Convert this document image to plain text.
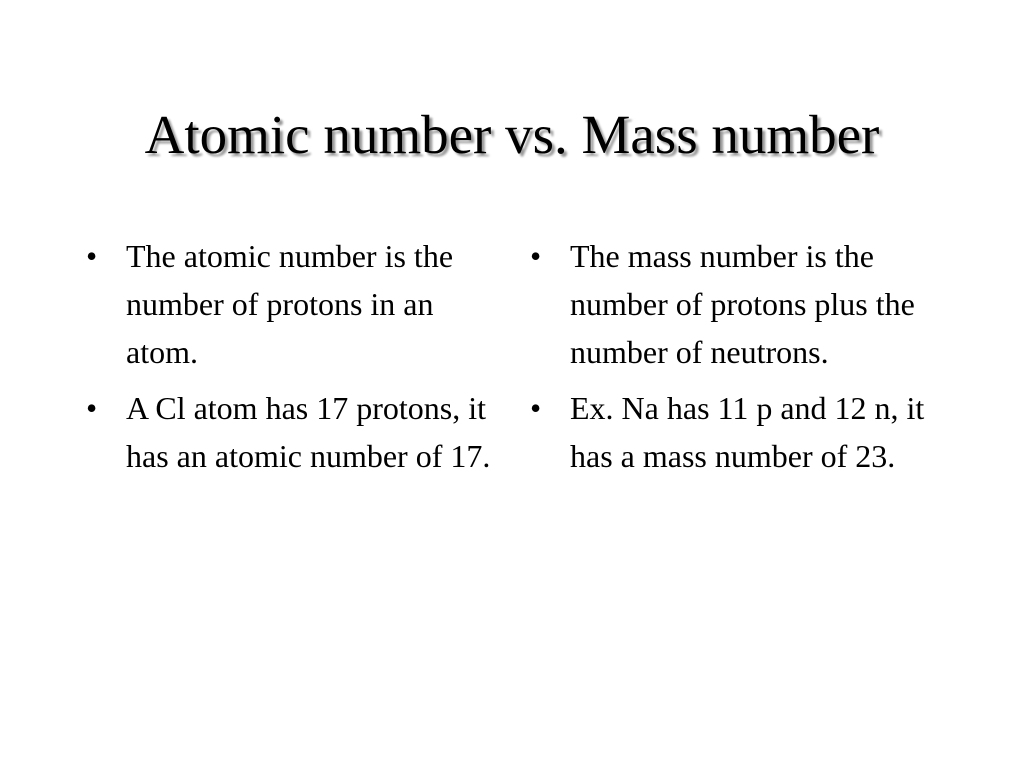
Atomic number vs. Mass number
• The atomic number is the number of protons in an atom.
• A Cl atom has 17 protons, it has an atomic number of 17.
• The mass number is the number of protons plus the number of neutrons.
• Ex. Na has 11 p and 12 n, it has a mass number of 23.
